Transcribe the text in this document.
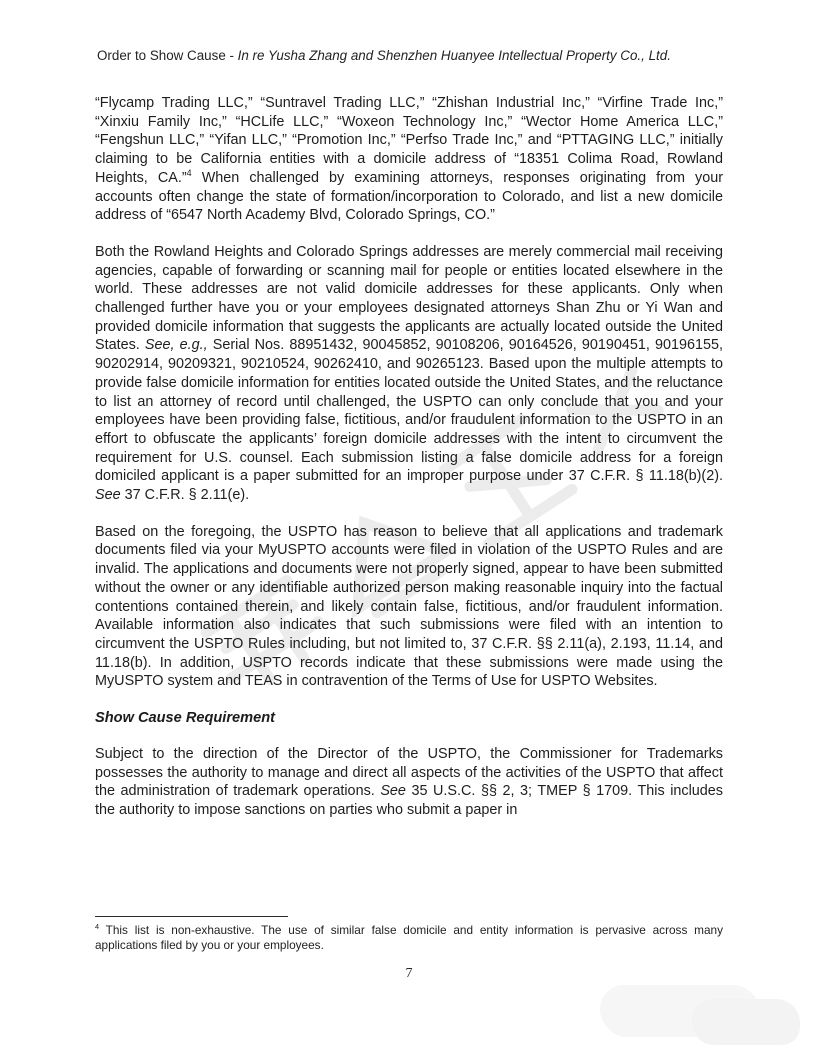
Order to Show Cause - In re Yusha Zhang and Shenzhen Huanyee Intellectual Property Co., Ltd.

“Flycamp Trading LLC,” “Suntravel Trading LLC,” “Zhishan Industrial Inc,” “Virfine Trade Inc,” “Xinxiu Family Inc,” “HCLife LLC,” “Woxeon Technology Inc,” “Wector Home America LLC,” “Fengshun LLC,” “Yifan LLC,” “Promotion Inc,” “Perfso Trade Inc,” and “PTTAGING LLC,” initially claiming to be California entities with a domicile address of “18351 Colima Road, Rowland Heights, CA.”$^4$ When challenged by examining attorneys, responses originating from your accounts often change the state of formation/incorporation to Colorado, and list a new domicile address of “6547 North Academy Blvd, Colorado Springs, CO.”

Both the Rowland Heights and Colorado Springs addresses are merely commercial mail receiving agencies, capable of forwarding or scanning mail for people or entities located elsewhere in the world. These addresses are not valid domicile addresses for these applicants. Only when challenged further have you or your employees designated attorneys Shan Zhu or Yi Wan and provided domicile information that suggests the applicants are actually located outside the United States. See, e.g., Serial Nos. 88951432, 90045852, 90108206, 90164526, 90190451, 90196155, 90202914, 90209321, 90210524, 90262410, and 90265123. Based upon the multiple attempts to provide false domicile information for entities located outside the United States, and the reluctance to list an attorney of record until challenged, the USPTO can only conclude that you and your employees have been providing false, fictitious, and/or fraudulent information to the USPTO in an effort to obfuscate the applicants’ foreign domicile addresses with the intent to circumvent the requirement for U.S. counsel. Each submission listing a false domicile address for a foreign domiciled applicant is a paper submitted for an improper purpose under 37 C.F.R. § 11.18(b)(2). See 37 C.F.R. § 2.11(e).

Based on the foregoing, the USPTO has reason to believe that all applications and trademark documents filed via your MyUSPTO accounts were filed in violation of the USPTO Rules and are invalid. The applications and documents were not properly signed, appear to have been submitted without the owner or any identifiable authorized person making reasonable inquiry into the factual contentions contained therein, and likely contain false, fictitious, and/or fraudulent information. Available information also indicates that such submissions were filed with an intention to circumvent the USPTO Rules including, but not limited to, 37 C.F.R. §§ 2.11(a), 2.193, 11.14, and 11.18(b). In addition, USPTO records indicate that these submissions were made using the MyUSPTO system and TEAS in contravention of the Terms of Use for USPTO Websites.

Show Cause Requirement

Subject to the direction of the Director of the USPTO, the Commissioner for Trademarks possesses the authority to manage and direct all aspects of the activities of the USPTO that affect the administration of trademark operations. See 35 U.S.C. §§ 2, 3; TMEP § 1709. This includes the authority to impose sanctions on parties who submit a paper in

$^4$ This list is non-exhaustive. The use of similar false domicile and entity information is pervasive across many applications filed by you or your employees.

7
